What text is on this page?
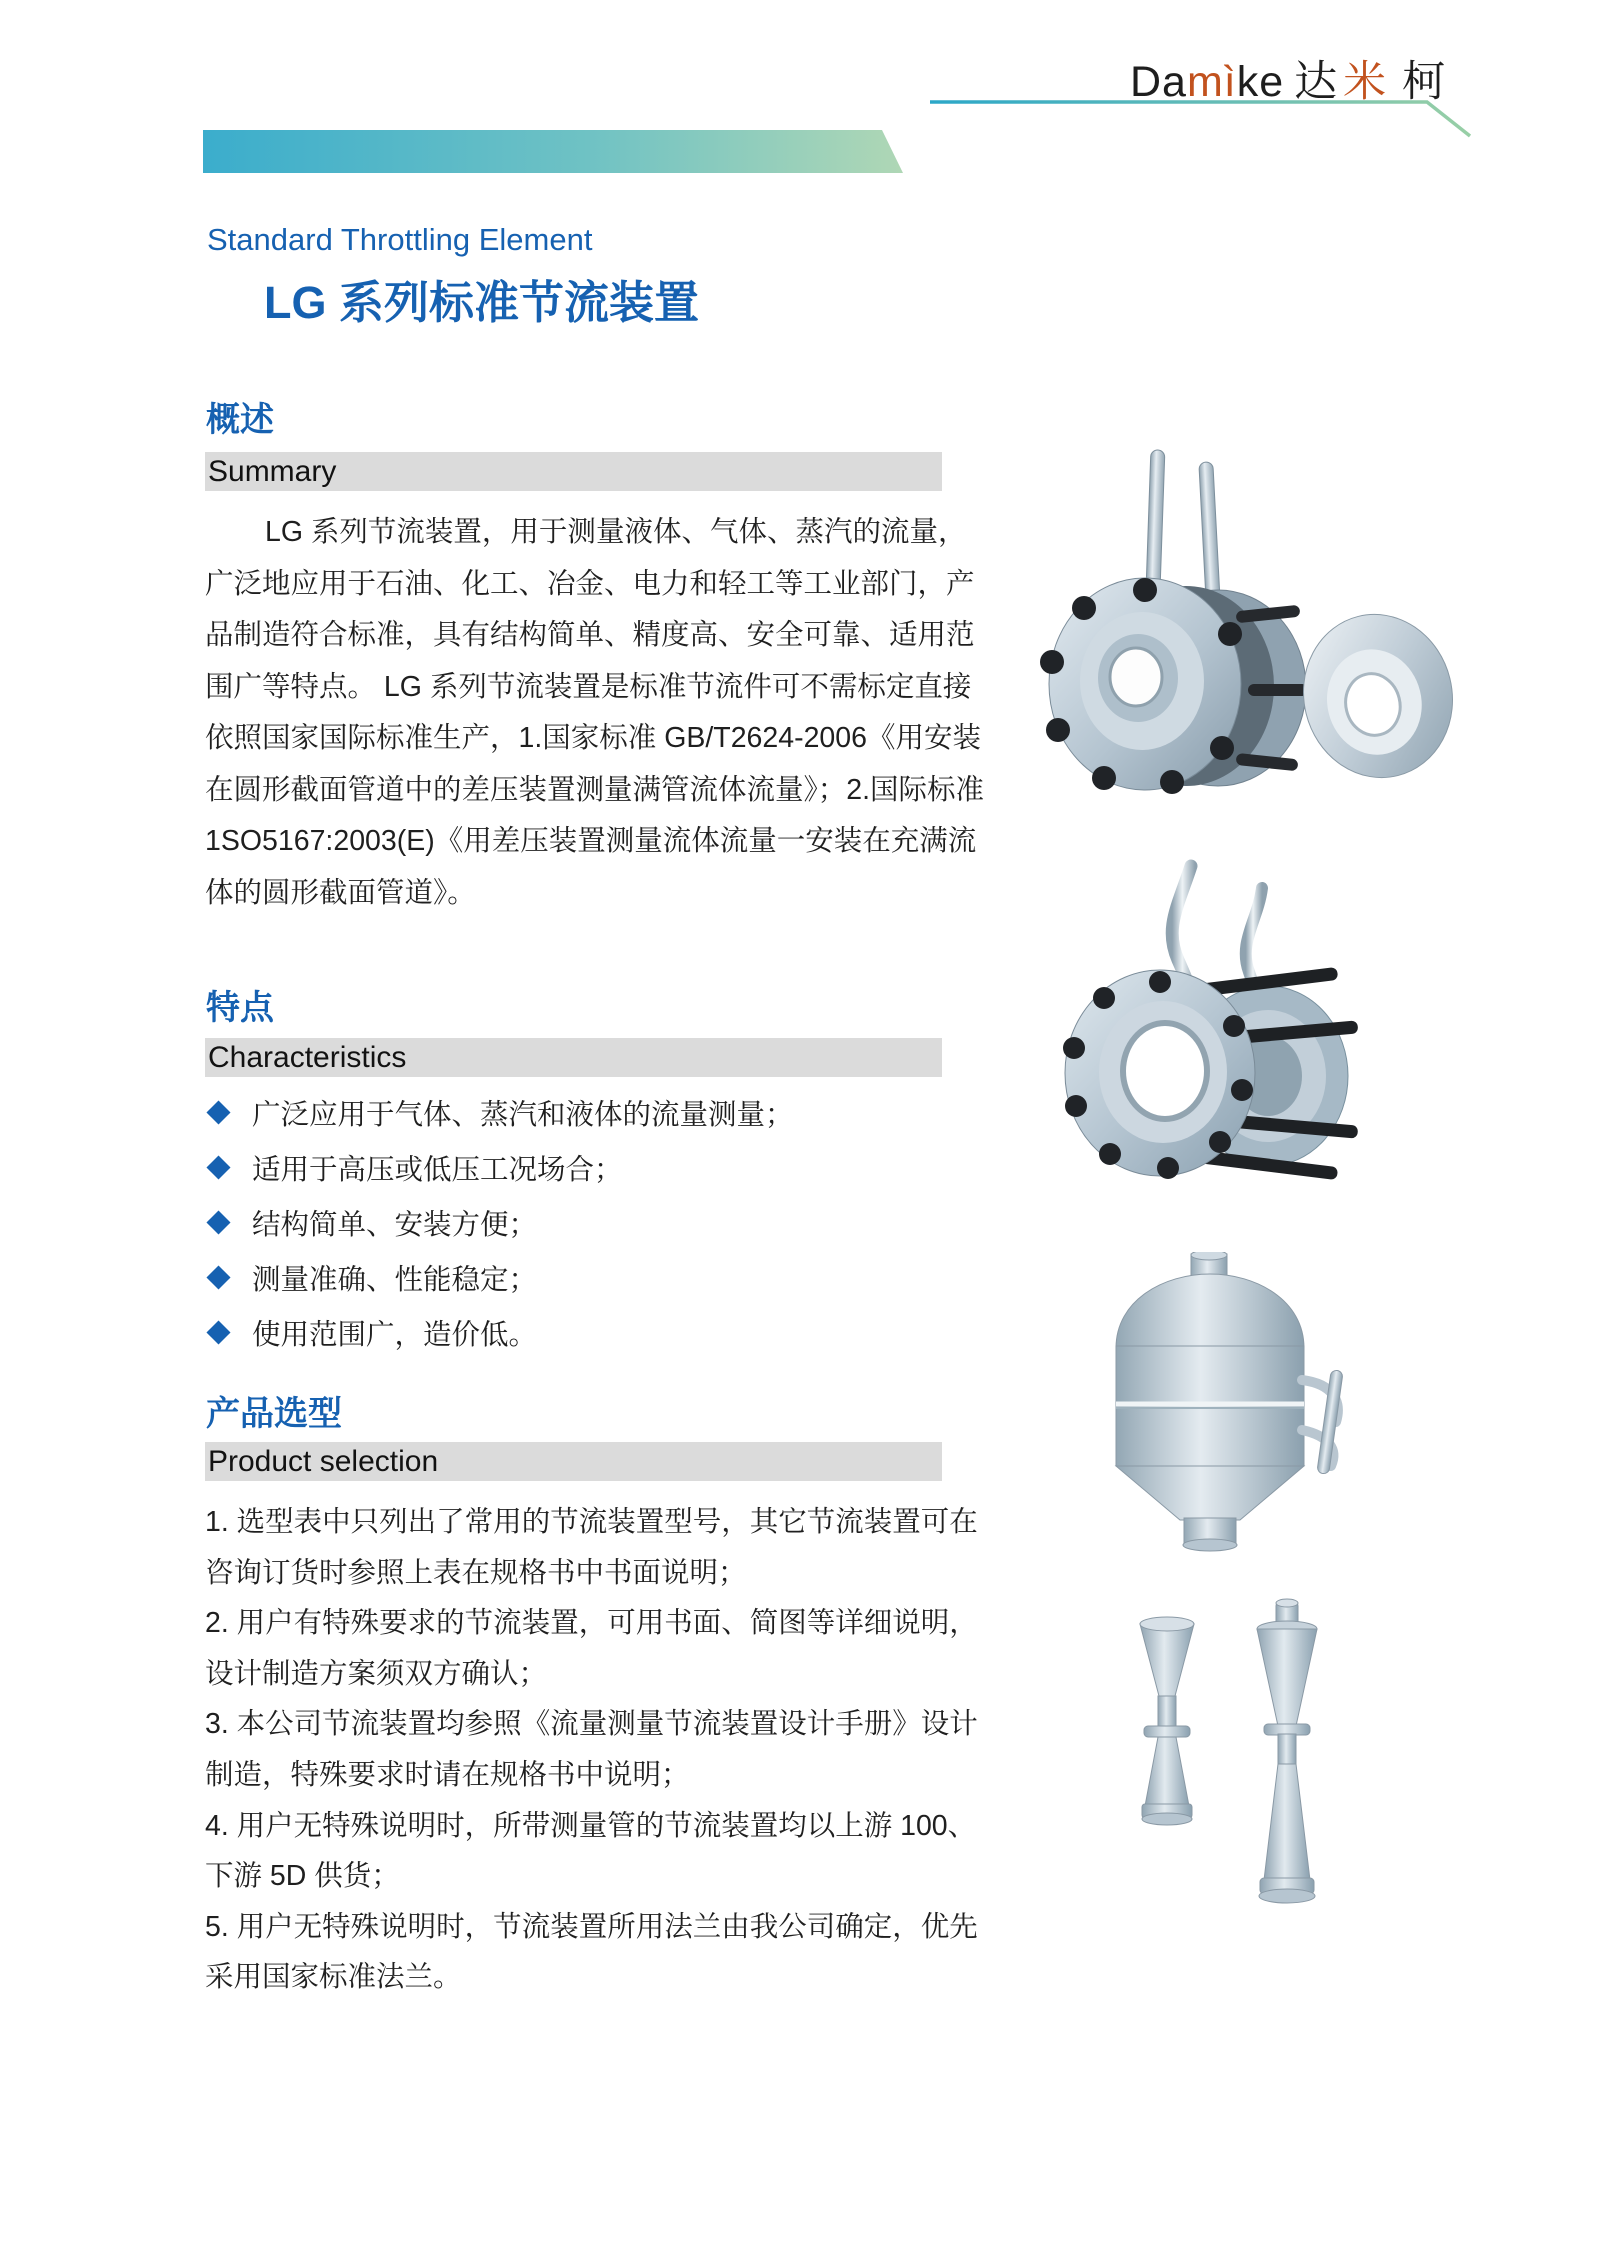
Damìke 达米 柯
Standard Throttling Element
LG 系列标准节流装置
概述
Summary
LG 系列节流装置，用于测量液体、气体、蒸汽的流量，
广泛地应用于石油、化工、冶金、电力和轻工等工业部门，产
品制造符合标准，具有结构简单、精度高、安全可靠、适用范
围广等特点。 LG 系列节流装置是标准节流件可不需标定直接
依照国家国际标准生产，1.国家标准 GB/T2624-2006《用安装
在圆形截面管道中的差压装置测量满管流体流量》；2.国际标准
1SO5167:2003(E)《用差压装置测量流体流量一安装在充满流
体的圆形截面管道》。
特点
Characteristics
广泛应用于气体、蒸汽和液体的流量测量；
适用于高压或低压工况场合；
结构简单、安装方便；
测量准确、性能稳定；
使用范围广，造价低。
产品选型
Product selection
1. 选型表中只列出了常用的节流装置型号，其它节流装置可在
咨询订货时参照上表在规格书中书面说明；
2. 用户有特殊要求的节流装置，可用书面、简图等详细说明，
设计制造方案须双方确认；
3. 本公司节流装置均参照《流量测量节流装置设计手册》设计
制造，特殊要求时请在规格书中说明；
4. 用户无特殊说明时，所带测量管的节流装置均以上游 100、
下游 5D 供货；
5. 用户无特殊说明时，节流装置所用法兰由我公司确定，优先
采用国家标准法兰。
